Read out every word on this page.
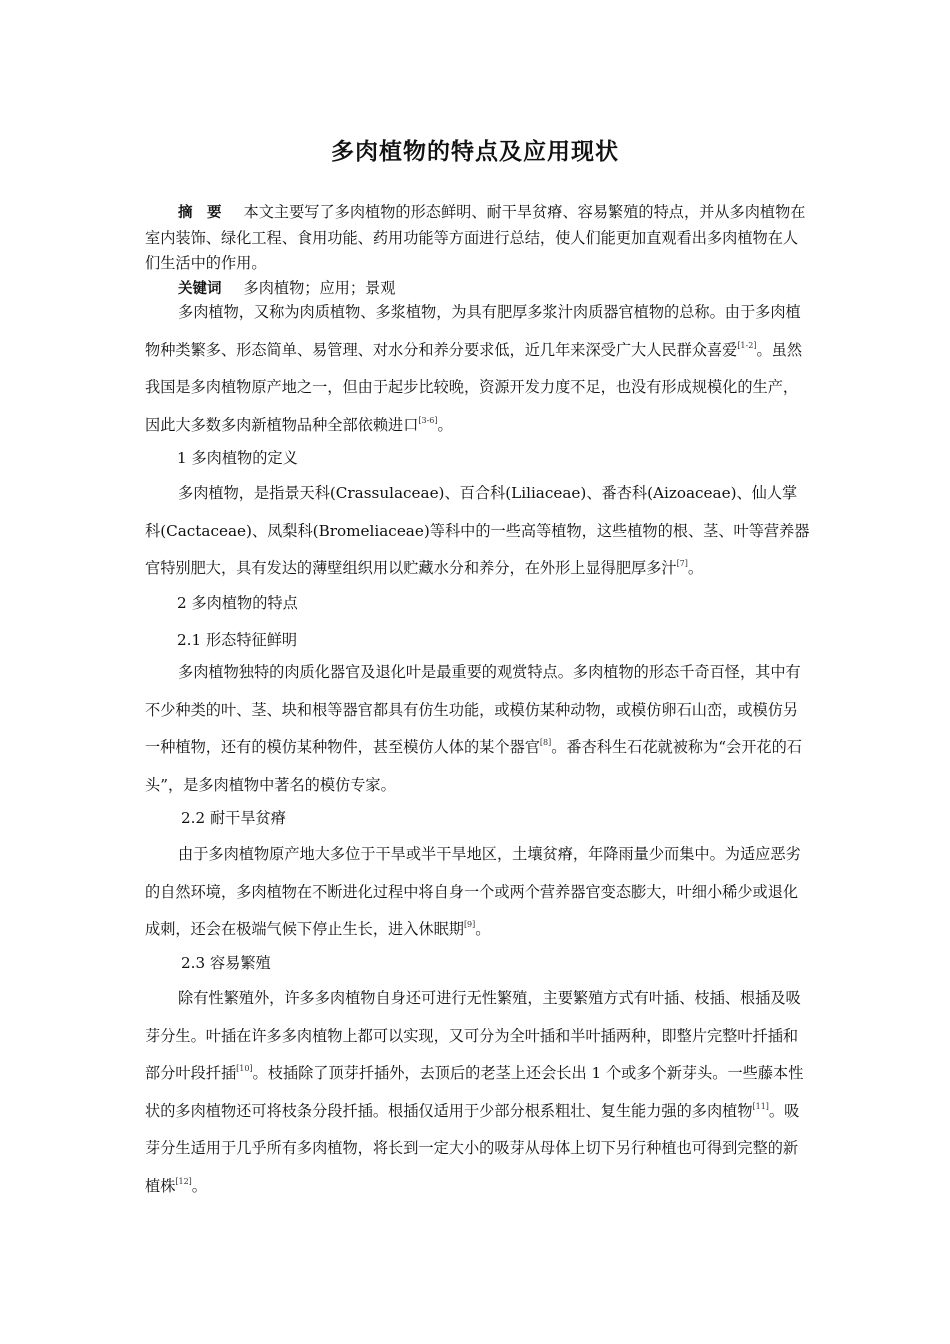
多肉植物的特点及应用现状
摘　要 本文主要写了多肉植物的形态鲜明、耐干旱贫瘠、容易繁殖的特点，并从多肉植物在室内装饰、绿化工程、食用功能、药用功能等方面进行总结，使人们能更加直观看出多肉植物在人们生活中的作用。
关键词 多肉植物；应用；景观
多肉植物，又称为肉质植物、多浆植物，为具有肥厚多浆汁肉质器官植物的总称。由于多肉植物种类繁多、形态简单、易管理、对水分和养分要求低，近几年来深受广大人民群众喜爱[1-2]。虽然我国是多肉植物原产地之一，但由于起步比较晚，资源开发力度不足，也没有形成规模化的生产，因此大多数多肉新植物品种全部依赖进口[3-6]。
1 多肉植物的定义
多肉植物，是指景天科(Crassulaceae)、百合科(Liliaceae)、番杏科(Aizoaceae)、仙人掌科(Cactaceae)、凤梨科(Bromeliaceae)等科中的一些高等植物，这些植物的根、茎、叶等营养器官特别肥大，具有发达的薄壁组织用以贮藏水分和养分，在外形上显得肥厚多汁[7]。
2 多肉植物的特点
2.1 形态特征鲜明
多肉植物独特的肉质化器官及退化叶是最重要的观赏特点。多肉植物的形态千奇百怪，其中有不少种类的叶、茎、块和根等器官都具有仿生功能，或模仿某种动物，或模仿卵石山峦，或模仿另一种植物，还有的模仿某种物件，甚至模仿人体的某个器官[8]。番杏科生石花就被称为“会开花的石头”，是多肉植物中著名的模仿专家。
2.2 耐干旱贫瘠
由于多肉植物原产地大多位于干旱或半干旱地区，土壤贫瘠，年降雨量少而集中。为适应恶劣的自然环境，多肉植物在不断进化过程中将自身一个或两个营养器官变态膨大，叶细小稀少或退化成刺，还会在极端气候下停止生长，进入休眠期[9]。
2.3 容易繁殖
除有性繁殖外，许多多肉植物自身还可进行无性繁殖，主要繁殖方式有叶插、枝插、根插及吸芽分生。叶插在许多多肉植物上都可以实现，又可分为全叶插和半叶插两种，即整片完整叶扦插和部分叶段扦插[10]。枝插除了顶芽扦插外，去顶后的老茎上还会长出 1 个或多个新芽头。一些藤本性状的多肉植物还可将枝条分段扦插。根插仅适用于少部分根系粗壮、复生能力强的多肉植物[11]。吸芽分生适用于几乎所有多肉植物，将长到一定大小的吸芽从母体上切下另行种植也可得到完整的新植株[12]。
